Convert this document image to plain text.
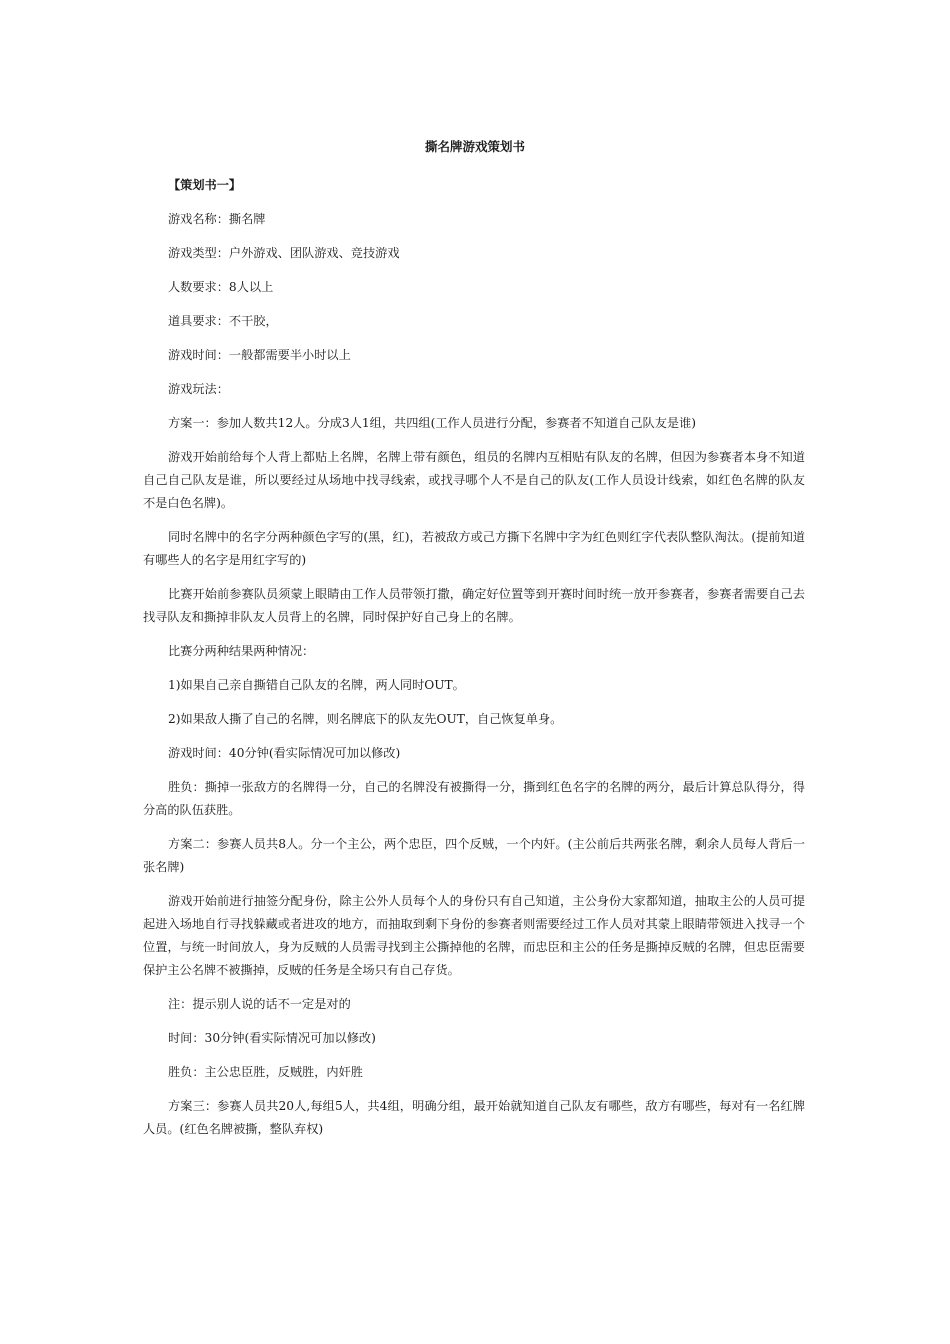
撕名牌游戏策划书

【策划书一】

游戏名称：撕名牌

游戏类型：户外游戏、团队游戏、竞技游戏

人数要求：8人以上

道具要求：不干胶，

游戏时间：一般都需要半小时以上

游戏玩法：

方案一：参加人数共12人。分成3人1组，共四组(工作人员进行分配，参赛者不知道自己队友是谁)

游戏开始前给每个人背上都贴上名牌，名牌上带有颜色，组员的名牌内互相贴有队友的名牌，但因为参赛者本身不知道自己自己队友是谁，所以要经过从场地中找寻线索，或找寻哪个人不是自己的队友(工作人员设计线索，如红色名牌的队友不是白色名牌)。

同时名牌中的名字分两种颜色字写的(黑，红)，若被敌方或己方撕下名牌中字为红色则红字代表队整队淘汰。(提前知道有哪些人的名字是用红字写的)

比赛开始前参赛队员须蒙上眼睛由工作人员带领打撒，确定好位置等到开赛时间时统一放开参赛者，参赛者需要自己去找寻队友和撕掉非队友人员背上的名牌，同时保护好自己身上的名牌。

比赛分两种结果两种情况：

1)如果自己亲自撕错自己队友的名牌，两人同时OUT。

2)如果敌人撕了自己的名牌，则名牌底下的队友先OUT，自己恢复单身。

游戏时间：40分钟(看实际情况可加以修改)

胜负：撕掉一张敌方的名牌得一分，自己的名牌没有被撕得一分，撕到红色名字的名牌的两分，最后计算总队得分，得分高的队伍获胜。

方案二：参赛人员共8人。分一个主公，两个忠臣，四个反贼，一个内奸。(主公前后共两张名牌，剩余人员每人背后一张名牌)

游戏开始前进行抽签分配身份，除主公外人员每个人的身份只有自己知道，主公身份大家都知道，抽取主公的人员可提起进入场地自行寻找躲藏或者进攻的地方，而抽取到剩下身份的参赛者则需要经过工作人员对其蒙上眼睛带领进入找寻一个位置，与统一时间放人，身为反贼的人员需寻找到主公撕掉他的名牌，而忠臣和主公的任务是撕掉反贼的名牌，但忠臣需要保护主公名牌不被撕掉，反贼的任务是全场只有自己存货。

注：提示别人说的话不一定是对的

时间：30分钟(看实际情况可加以修改)

胜负：主公忠臣胜，反贼胜，内奸胜

方案三：参赛人员共20人,每组5人，共4组，明确分组，最开始就知道自己队友有哪些，敌方有哪些，每对有一名红牌人员。(红色名牌被撕，整队弃权)
